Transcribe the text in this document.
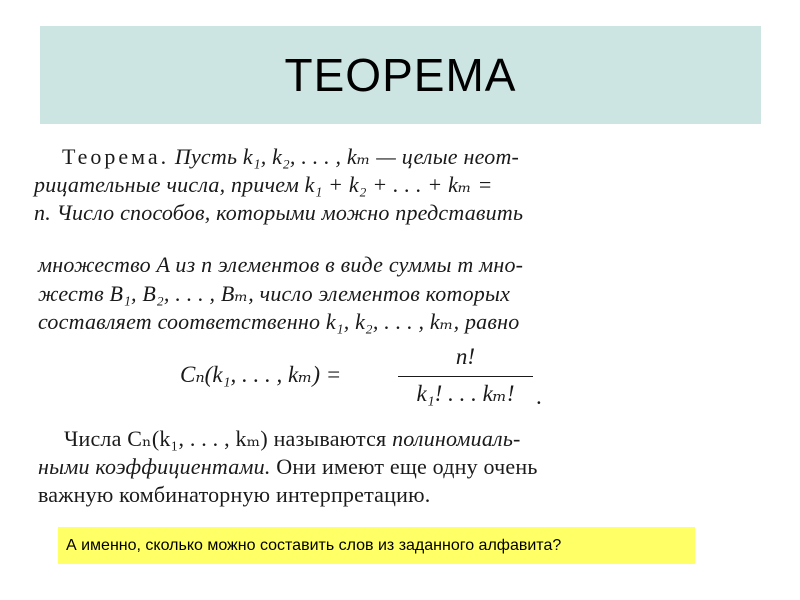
ТЕОРЕМА
Теорема. Пусть k₁, k₂, . . . , kₘ — целые неот-
рицательные числа, причем k₁ + k₂ + . . . + kₘ =
n. Число способов, которыми можно представить
множество A из n элементов в виде суммы m мно-
жеств B₁, B₂, . . . , Bₘ, число элементов которых
составляет соответственно k₁, k₂, . . . , kₘ, равно
Cₙ(k₁, . . . , kₘ) =
n!
k₁! . . . kₘ! .
Числа Cₙ(k₁, . . . , kₘ) называются полиномиаль-
ными коэффициентами. Они имеют еще одну очень
важную комбинаторную интерпретацию.
А именно, сколько можно составить слов из заданного алфавита?
